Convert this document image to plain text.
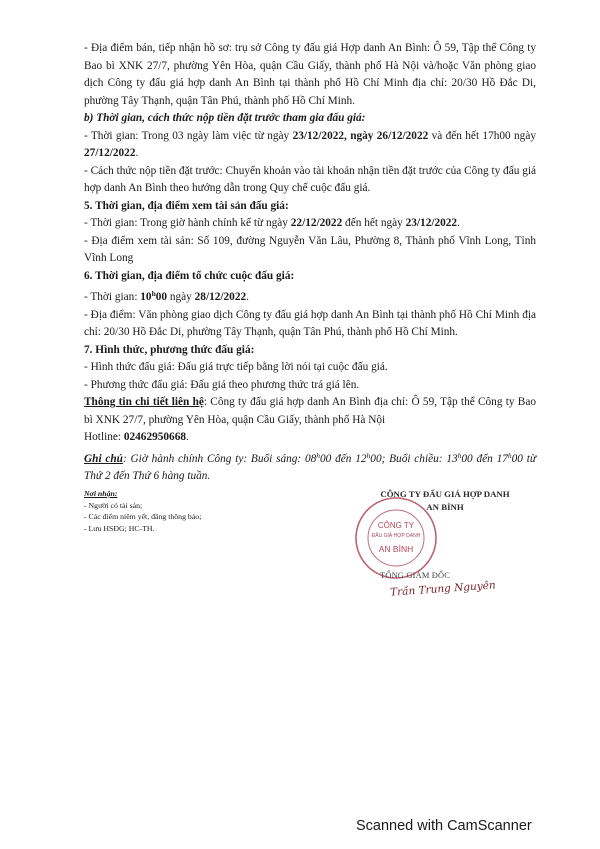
- Địa điểm bán, tiếp nhận hồ sơ: trụ sở Công ty đấu giá Hợp danh An Bình: Ô 59, Tập thể Công ty Bao bì XNK 27/7, phường Yên Hòa, quận Cầu Giấy, thành phố Hà Nội và/hoặc Văn phòng giao dịch Công ty đấu giá hợp danh An Bình tại thành phố Hồ Chí Minh địa chỉ: 20/30 Hồ Đắc Di, phường Tây Thạnh, quận Tân Phú, thành phố Hồ Chí Minh.

b) Thời gian, cách thức nộp tiền đặt trước tham gia đấu giá:

- Thời gian: Trong 03 ngày làm việc từ ngày 23/12/2022, ngày 26/12/2022 và đến hết 17h00 ngày 27/12/2022.

- Cách thức nộp tiền đặt trước: Chuyển khoản vào tài khoản nhận tiền đặt trước của Công ty đấu giá hợp danh An Bình theo hướng dẫn trong Quy chế cuộc đấu giá.

5. Thời gian, địa điểm xem tài sản đấu giá:

- Thời gian: Trong giờ hành chính kể từ ngày 22/12/2022 đến hết ngày 23/12/2022.

- Địa điểm xem tài sản: Số 109, đường Nguyễn Văn Lâu, Phường 8, Thành phố Vĩnh Long, Tỉnh Vĩnh Long

6. Thời gian, địa điểm tổ chức cuộc đấu giá:

- Thời gian: 10$^h$00 ngày 28/12/2022.

- Địa điểm: Văn phòng giao dịch Công ty đấu giá hợp danh An Bình tại thành phố Hồ Chí Minh địa chỉ: 20/30 Hồ Đắc Di, phường Tây Thạnh, quận Tân Phú, thành phố Hồ Chí Minh.

7. Hình thức, phương thức đấu giá:

- Hình thức đấu giá: Đấu giá trực tiếp bằng lời nói tại cuộc đấu giá.

- Phương thức đấu giá: Đấu giá theo phương thức trả giá lên.

Thông tin chi tiết liên hệ: Công ty đấu giá hợp danh An Bình địa chỉ: Ô 59, Tập thể Công ty Bao bì XNK 27/7, phường Yên Hòa, quận Cầu Giấy, thành phố Hà Nội

Hotline: 02462950668.

Ghi chú: Giờ hành chính Công ty: Buổi sáng: 08$^h$00 đến 12$^h$00; Buổi chiều: 13$^h$00 đến 17$^h$00 từ Thứ 2 đến Thứ 6 hàng tuần.

Nơi nhận:

- Người có tài sản;

- Các điểm niêm yết, đăng thông báo;

- Lưu HSĐG; HC-TH.

CÔNG TY ĐẤU GIÁ HỢP DANH
AN BÌNH
CÔNG TY
ĐẤU GIÁ HỢP DANH
AN BÌNH
TỔNG GIÁM ĐỐC
Trần Trung Nguyên
Scanned with CamScanner
